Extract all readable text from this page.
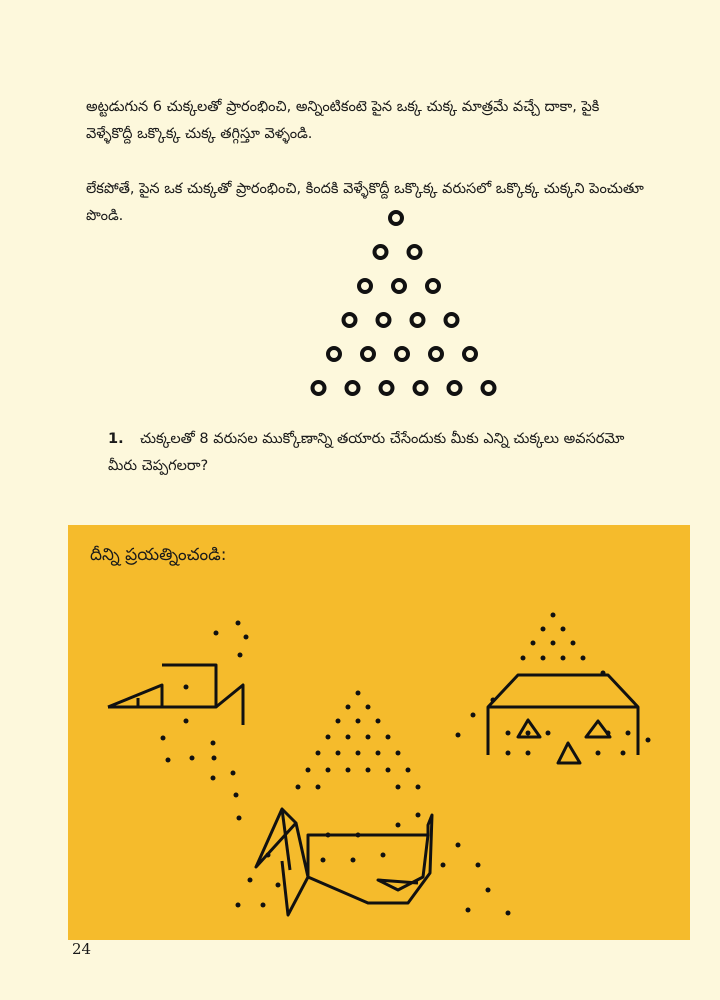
అట్టడుగున 6 చుక్కలతో ప్రారంభించి, అన్నింటికంటె పైన ఒక్క చుక్క మాత్రమే వచ్చే దాకా, పైకి వెళ్ళేకొద్దీ ఒక్కొక్క చుక్క తగ్గిస్తూ వెళ్ళండి.

లేకపోతే, పైన ఒక చుక్కతో ప్రారంభించి, కిందకి వెళ్ళేకొద్దీ ఒక్కొక్క వరుసలో ఒక్కొక్క చుక్కని పెంచుతూ పొండి.

1. చుక్కలతో 8 వరుసల ముక్కోణాన్ని తయారు చేసేందుకు మీకు ఎన్ని చుక్కలు అవసరమో మీరు చెప్పగలరా?
దీన్ని ప్రయత్నించండి:
24
